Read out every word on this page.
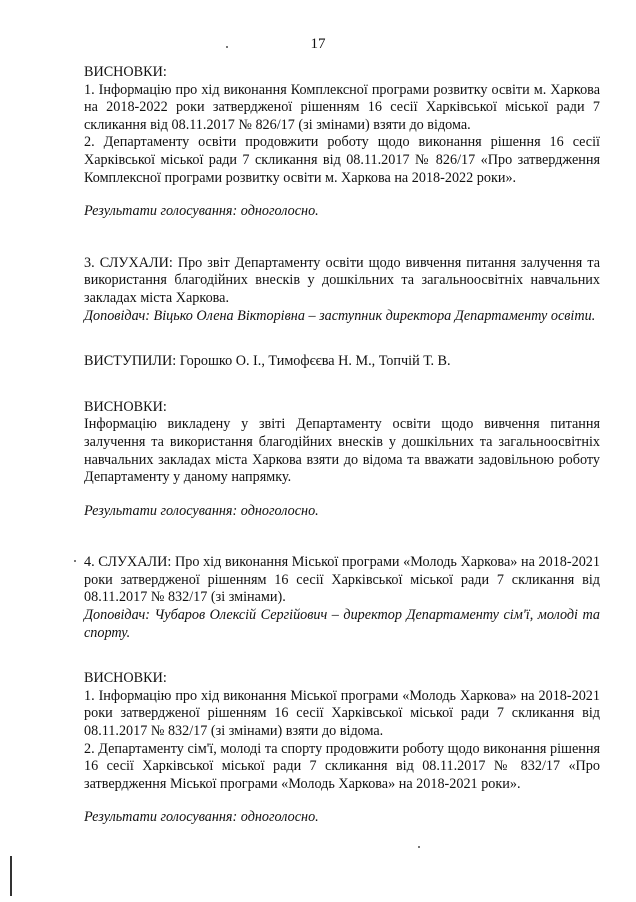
17

ВИСНОВКИ:

1. Інформацію про хід виконання Комплексної програми розвитку освіти м. Харкова на 2018-2022 роки затвердженої рішенням 16 сесії Харківської міської ради 7 скликання від 08.11.2017 № 826/17 (зі змінами) взяти до відома.

2. Департаменту освіти продовжити роботу щодо виконання рішення 16 сесії Харківської міської ради 7 скликання від 08.11.2017 № 826/17 «Про затвердження Комплексної програми розвитку освіти м. Харкова на 2018-2022 роки».

Результати голосування: одноголосно.

3. СЛУХАЛИ: Про звіт Департаменту освіти щодо вивчення питання залучення та використання благодійних внесків у дошкільних та загальноосвітніх навчальних закладах міста Харкова.

Доповідач: Віцько Олена Вікторівна – заступник директора Департаменту освіти.

ВИСТУПИЛИ: Горошко О. І., Тимофєєва Н. М., Топчій Т. В.

ВИСНОВКИ:

Інформацію викладену у звіті Департаменту освіти щодо вивчення питання залучення та використання благодійних внесків у дошкільних та загальноосвітніх навчальних закладах міста Харкова взяти до відома та вважати задовільною роботу Департаменту у даному напрямку.

Результати голосування: одноголосно.

4. СЛУХАЛИ: Про хід виконання Міської програми «Молодь Харкова» на 2018-2021 роки затвердженої рішенням 16 сесії Харківської міської ради 7 скликання від 08.11.2017 № 832/17 (зі змінами).

Доповідач: Чубаров Олексій Сергійович – директор Департаменту сім'ї, молоді та спорту.

ВИСНОВКИ:

1. Інформацію про хід виконання Міської програми «Молодь Харкова» на 2018-2021 роки затвердженої рішенням 16 сесії Харківської міської ради 7 скликання від 08.11.2017 № 832/17 (зі змінами) взяти до відома.

2. Департаменту сім'ї, молоді та спорту продовжити роботу щодо виконання рішення 16 сесії Харківської міської ради 7 скликання від 08.11.2017 № 832/17 «Про затвердження Міської програми «Молодь Харкова» на 2018-2021 роки».

Результати голосування: одноголосно.
